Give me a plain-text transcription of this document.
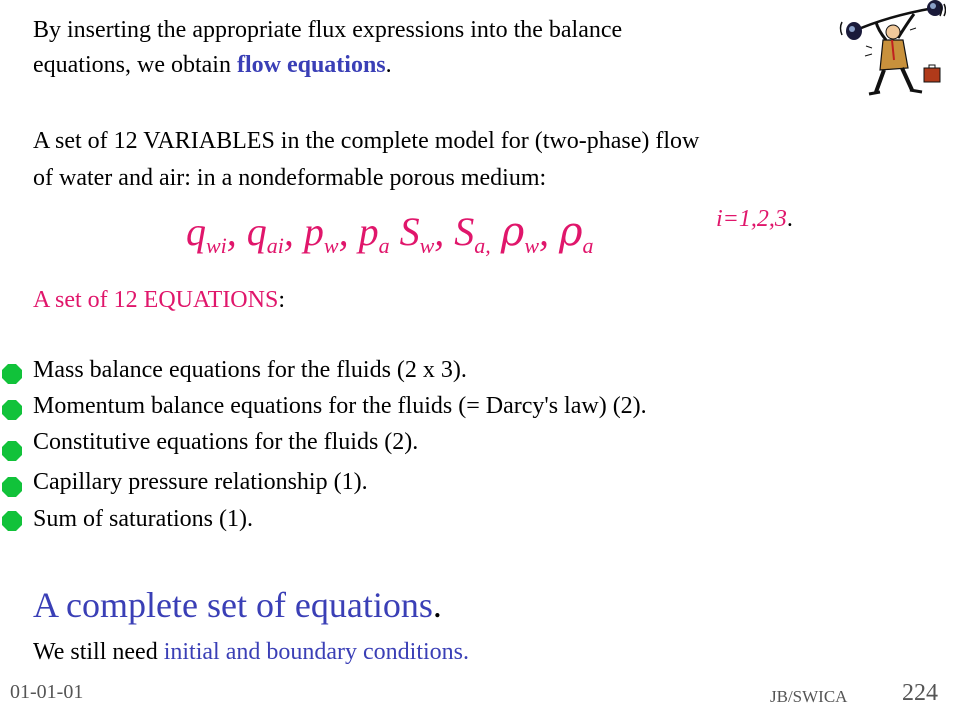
By inserting the appropriate flux expressions into the balance

equations, we obtain flow equations.

A set of 12 VARIABLES in the complete model for (two-phase) flow

of water and air: in a nondeformable porous medium:

$q_{wi}$, $q_{ai}$, $p_w$, $p_a$ $S_w$, $S_{a,}$ $\rho_w$, $\rho_a$
i=1,2,3.

A set of 12 EQUATIONS:

Mass balance equations for the fluids (2 x 3).
Momentum balance equations for the fluids (= Darcy's law) (2).
Constitutive equations for the fluids (2).
Capillary pressure relationship (1).
Sum of saturations (1).
A complete set of equations.

We still need initial and boundary conditions.

01-01-01	JB/SWICA 224
